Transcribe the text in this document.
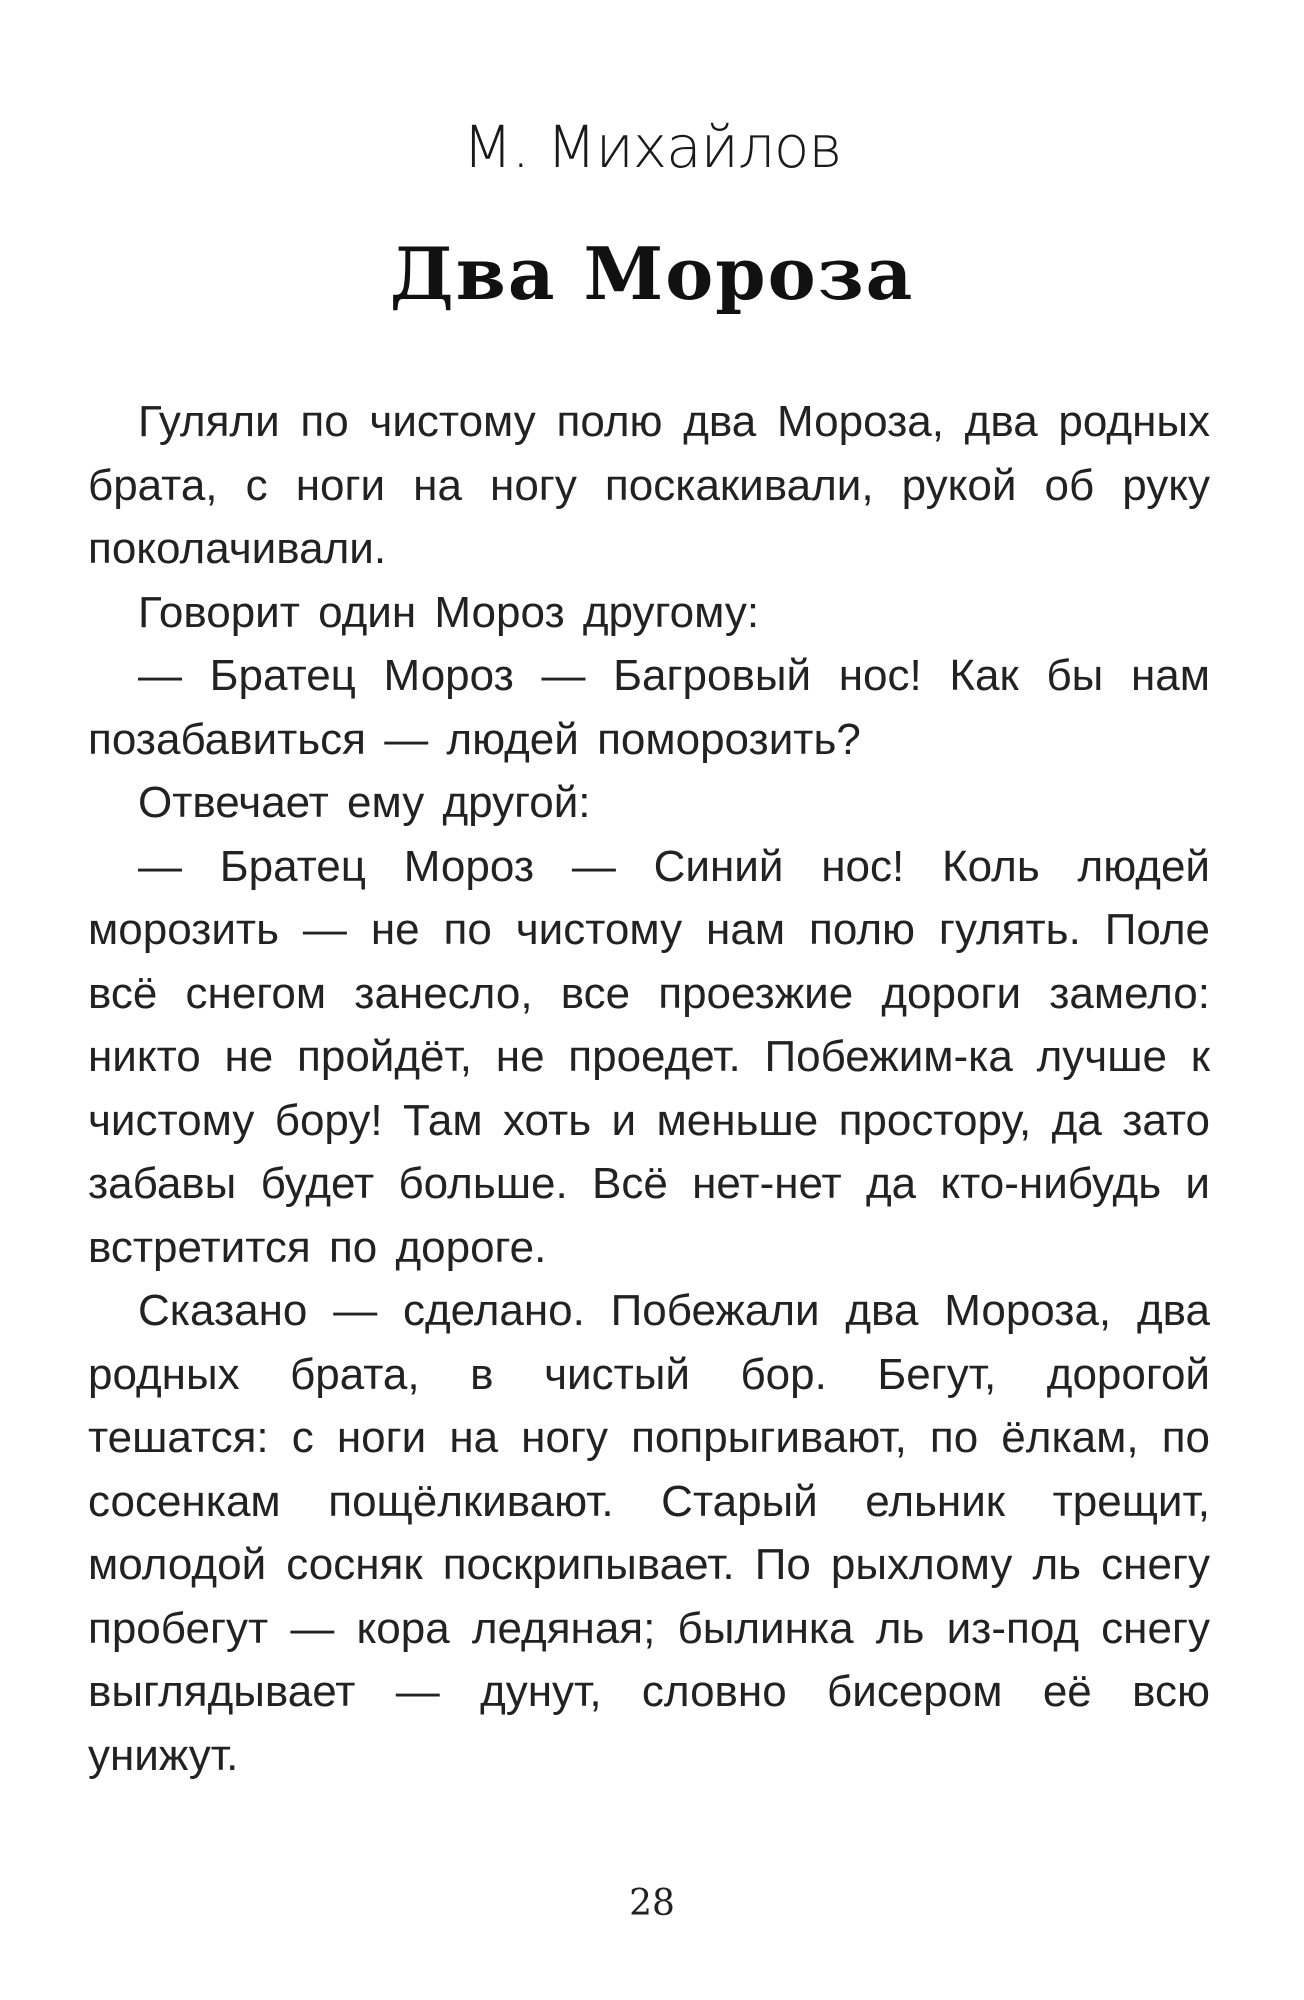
М. Михайлов
Два Мороза

Гуляли по чистому полю два Мороза, два родных брата, с ноги на ногу поскакивали, рукой об руку поколачивали.

Говорит один Мороз другому:

— Братец Мороз — Багровый нос! Как бы нам позабавиться — людей поморозить?

Отвечает ему другой:

— Братец Мороз — Синий нос! Коль людей морозить — не по чистому нам полю гулять. Поле всё снегом занесло, все проезжие дороги замело: никто не пройдёт, не проедет. Побежим-ка лучше к чистому бору! Там хоть и меньше простору, да зато забавы будет больше. Всё нет-нет да кто-нибудь и встретится по дороге.

Сказано — сделано. Побежали два Мороза, два родных брата, в чистый бор. Бегут, дорогой тешатся: с ноги на ногу попрыгивают, по ёлкам, по сосенкам пощёлкивают. Старый ельник трещит, молодой сосняк поскрипывает. По рыхлому ль снегу пробегут — кора ледяная; былинка ль из-под снегу выглядывает — дунут, словно бисером её всю унижут.

28
